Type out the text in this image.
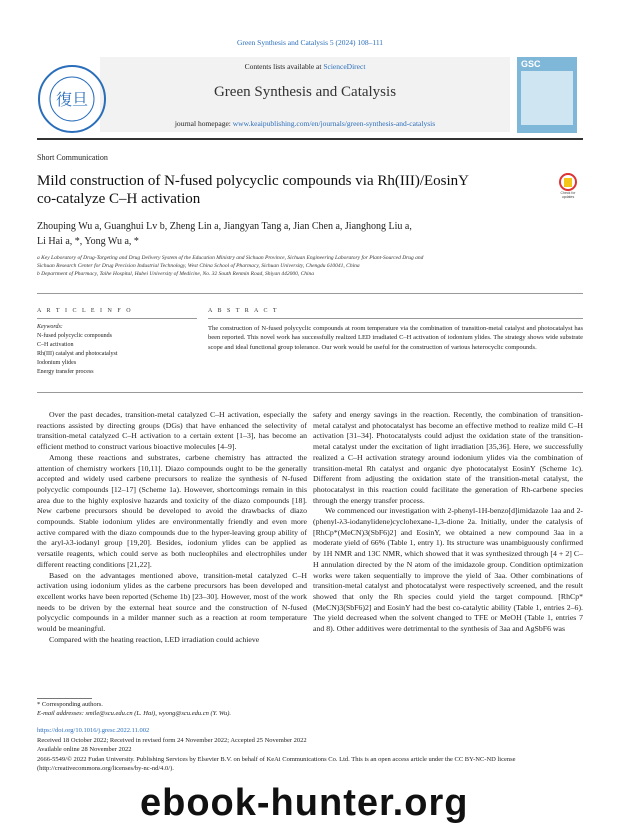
Green Synthesis and Catalysis 5 (2024) 108–111
復旦
Contents lists available at ScienceDirect
Green Synthesis and Catalysis
journal homepage: www.keaipublishing.com/en/journals/green-synthesis-and-catalysis
GSC
Short Communication
Mild construction of N-fused polycyclic compounds via Rh(III)/EosinY
co-catalyze C–H activation	Check for updates
Zhouping Wu a, Guanghui Lv b, Zheng Lin a, Jiangyan Tang a, Jian Chen a, Jianghong Liu a,
Li Hai a, *, Yong Wu a, *
a Key Laboratory of Drug-Targeting and Drug Delivery System of the Education Ministry and Sichuan Province, Sichuan Engineering Laboratory for Plant-Sourced Drug and
Sichuan Research Center for Drug Precision Industrial Technology, West China School of Pharmacy, Sichuan University, Chengdu 610041, China
b Department of Pharmacy, Taihe Hospital, Hubei University of Medicine, No. 32 South Renmin Road, Shiyan 442000, China
A R T I C L E I N F O	A B S T R A C T
Keywords:
N-fused polycyclic compounds
C–H activation
Rh(III) catalyst and photocatalyst
Iodonium ylides
Energy transfer process
The construction of N-fused polycyclic compounds at room temperature via the combination of transition-metal catalyst and photocatalyst has been reported. This novel work has successfully realized LED irradiated C–H activation of iodonium ylides. The strategy shows wide substrate scope and ideal functional group tolerance. Our work would be useful for the construction of various heterocyclic compounds.

Over the past decades, transition-metal catalyzed C–H activation, especially the reactions assisted by directing groups (DGs) that have enhanced the selectivity of transition-metal catalyzed C–H activation to a certain extent [1–3], has become an efficient method to construct various bioactive molecules [4–9].

Among these reactions and substrates, carbene chemistry has attracted the attention of chemistry workers [10,11]. Diazo compounds ought to be the generally accepted and widely used carbene precursors to realize the synthesis of N-fused polycyclic compounds [12–17] (Scheme 1a). However, shortcomings remain in this area due to the highly explosive hazards and toxicity of the diazo compounds [18]. New carbene precursors should be developed to avoid the drawbacks of diazo compounds. Stable iodonium ylides are environmentally friendly and even more active compared with the diazo compounds due to the hyper-leaving group ability of the aryl-λ3-iodanyl group [19,20]. Besides, iodonium ylides can be applied as versatile reagents, which could serve as both nucleophiles and electrophiles under different reacting conditions [21,22].

Based on the advantages mentioned above, transition-metal catalyzed C–H activation using iodonium ylides as the carbene precursors has been developed and excellent works have been reported (Scheme 1b) [23–30]. However, most of the work needs to be driven by the external heat source and the construction of N-fused polycyclic compounds in a milder manner such as a reaction at room temperature would be meaningful.

Compared with the heating reaction, LED irradiation could achieve

safety and energy savings in the reaction. Recently, the combination of transition-metal catalyst and photocatalyst has become an effective method to realize mild C–H activation [31–34]. Photocatalysts could adjust the oxidation state of the transition-metal catalyst under the excitation of light irradiation [35,36]. Here, we successfully realized a C–H activation strategy around iodonium ylides via the combination of transition-metal Rh catalyst and organic dye photocatalyst EosinY (Scheme 1c). Different from adjusting the oxidation state of the transition-metal catalyst, the photocatalyst in this reaction could facilitate the generation of Rh-carbene species through the energy transfer process.

We commenced our investigation with 2-phenyl-1H-benzo[d]imidazole 1aa and 2-(phenyl-λ3-iodanylidene)cyclohexane-1,3-dione 2a. Initially, under the catalysis of [RhCp*(MeCN)3(SbF6)2] and EosinY, we obtained a new compound 3aa in a moderate yield of 66% (Table 1, entry 1). Its structure was unambiguously confirmed by 1H NMR and 13C NMR, which showed that it was synthesized through [4 + 2] C–H annulation directed by the N atom of the imidazole group. Condition optimization works were taken sequentially to improve the yield of 3aa. Other combinations of transition-metal catalyst and photocatalyst were respectively screened, and the result showed that only the Rh species could yield the target compound. [RhCp*(MeCN)3(SbF6)2] and EosinY had the best co-catalytic ability (Table 1, entries 2–6). The yield decreased when the solvent changed to TFE or MeOH (Table 1, entries 7 and 8). Other additives were detrimental to the synthesis of 3aa and AgSbF6 was

* Corresponding authors.
E-mail addresses: smile@scu.edu.cn (L. Hai), wyong@scu.edu.cn (Y. Wu).
https://doi.org/10.1016/j.gresc.2022.11.002
Received 18 October 2022; Received in revised form 24 November 2022; Accepted 25 November 2022
Available online 28 November 2022
2666-5549/© 2022 Fudan University. Publishing Services by Elsevier B.V. on behalf of KeAi Communications Co. Ltd. This is an open access article under the CC BY-NC-ND license (http://creativecommons.org/licenses/by-nc-nd/4.0/).
ebook-hunter.org
